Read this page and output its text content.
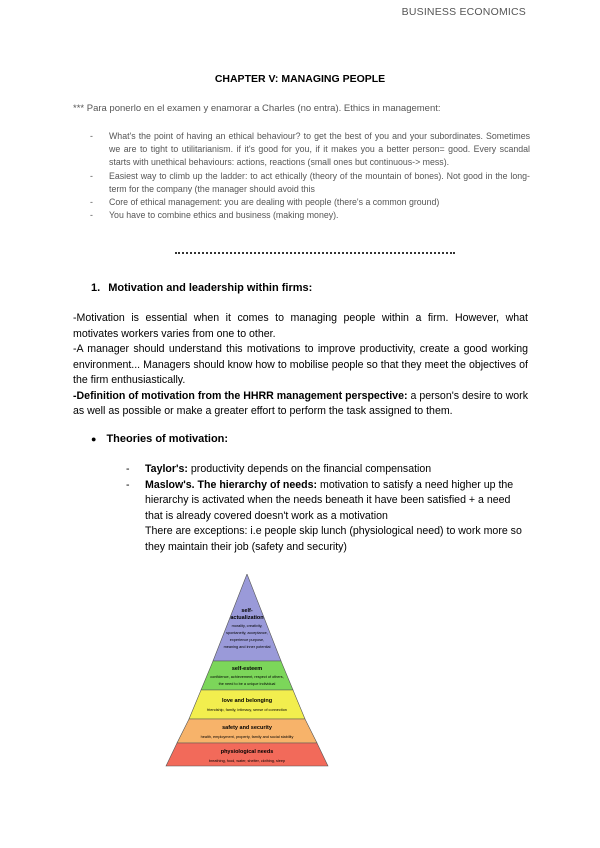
BUSINESS ECONOMICS
CHAPTER V: MANAGING PEOPLE
*** Para ponerlo en el examen y enamorar a Charles (no entra). Ethics in management:
- What's the point of having an ethical behaviour? to get the best of you and your subordinates. Sometimes we are to tight to utilitarianism. if it's good for you, if it makes you a better person= good. Every scandal starts with unethical behaviours: actions, reactions (small ones but continuous-> mess).
- Easiest way to climb up the ladder: to act ethically (theory of the mountain of bones). Not good in the long-term for the company (the manager should avoid this
- Core of ethical management: you are dealing with people (there's a common ground)
- You have to combine ethics and business (making money).
1. Motivation and leadership within firms:

-Motivation is essential when it comes to managing people within a firm. However, what motivates workers varies from one to other.

-A manager should understand this motivations to improve productivity, create a good working environment... Managers should know how to mobilise people so that they meet the objectives of the firm enthusiastically.

-Definition of motivation from the HHRR management perspective: a person's desire to work as well as possible or make a greater effort to perform the task assigned to them.

● Theories of motivation:
- Taylor's: productivity depends on the financial compensation
- Maslow's. The hierarchy of needs: motivation to satisfy a need higher up the hierarchy is activated when the needs beneath it have been satisfied + a need that is already covered doesn't work as a motivation
There are exceptions: i.e people skip lunch (physiological need) to work more so they maintain their job (safety and security)
self-
actualization
morality, creativity,
spontaneity, acceptance,
experience purpose,
meaning and inner potential
self-esteem
confidence, achievement, respect of others,
the need to be a unique individual
love and belonging
friendship, family, intimacy, sense of connection
safety and security
health, employment, property, family and social stability
physiological needs
breathing, food, water, shelter, clothing, sleep
